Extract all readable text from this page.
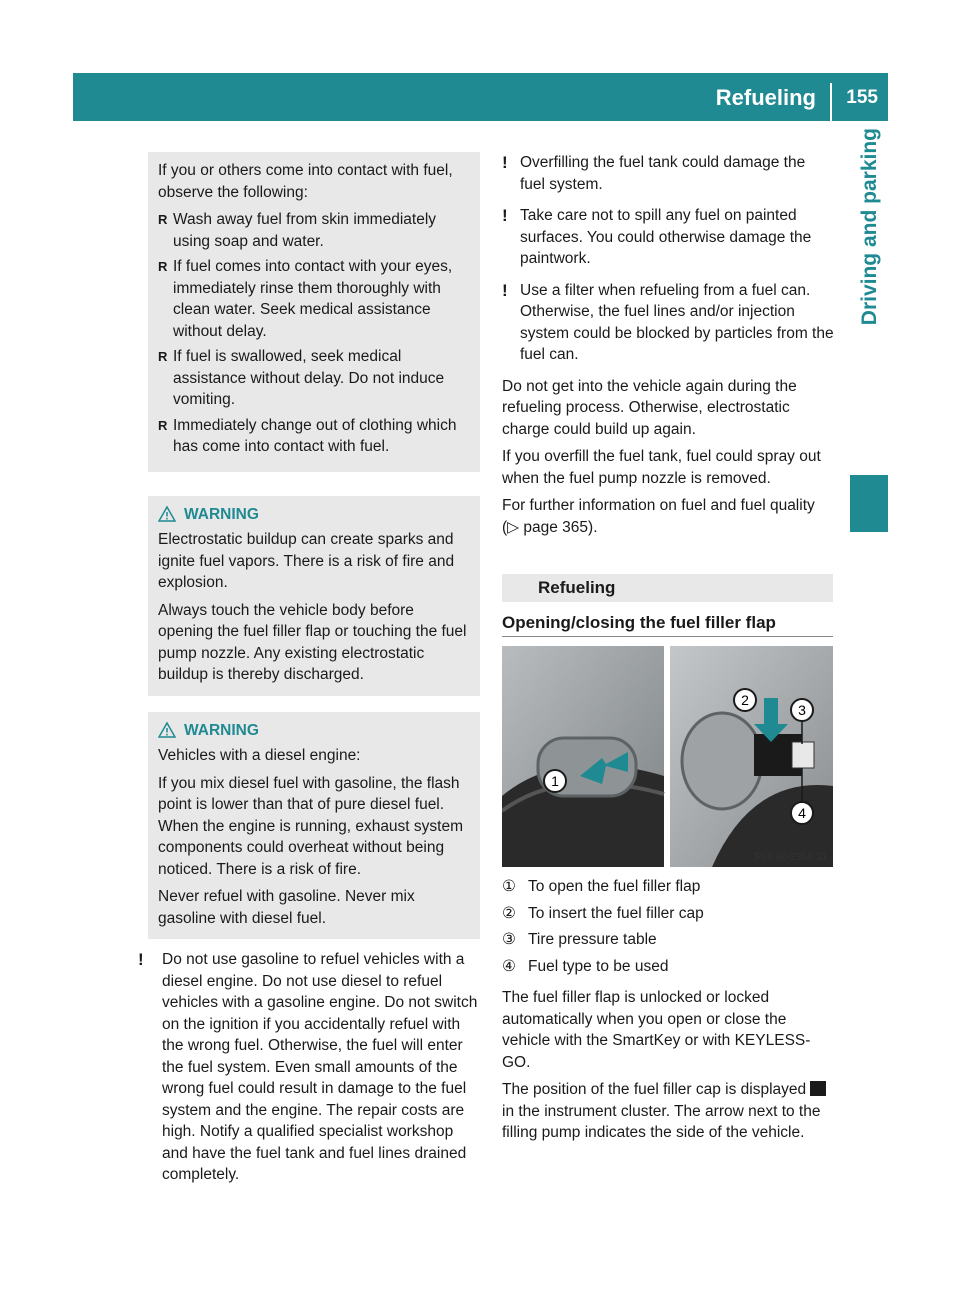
Refueling 155
Driving and parking

If you or others come into contact with fuel, observe the following:

R Wash away fuel from skin immediately using soap and water.
R If fuel comes into contact with your eyes, immediately rinse them thoroughly with clean water. Seek medical assistance without delay.
R If fuel is swallowed, seek medical assistance without delay. Do not induce vomiting.
R Immediately change out of clothing which has come into contact with fuel.
WARNING

Electrostatic buildup can create sparks and ignite fuel vapors. There is a risk of fire and explosion.

Always touch the vehicle body before opening the fuel filler flap or touching the fuel pump nozzle. Any existing electrostatic buildup is thereby discharged.

WARNING

Vehicles with a diesel engine:

If you mix diesel fuel with gasoline, the flash point is lower than that of pure diesel fuel. When the engine is running, exhaust system components could overheat without being noticed. There is a risk of fire.

Never refuel with gasoline. Never mix gasoline with diesel fuel.

! Do not use gasoline to refuel vehicles with a diesel engine. Do not use diesel to refuel vehicles with a gasoline engine. Do not switch on the ignition if you accidentally refuel with the wrong fuel. Otherwise, the fuel will enter the fuel system. Even small amounts of the wrong fuel could result in damage to the fuel system and the engine. The repair costs are high. Notify a qualified specialist workshop and have the fuel tank and fuel lines drained completely.
! Overfilling the fuel tank could damage the fuel system.
! Take care not to spill any fuel on painted surfaces. You could otherwise damage the paintwork.
! Use a filter when refueling from a fuel can. Otherwise, the fuel lines and/or injection system could be blocked by particles from the fuel can.

Do not get into the vehicle again during the refueling process. Otherwise, electrostatic charge could build up again.

If you overfill the fuel tank, fuel could spray out when the fuel pump nozzle is removed.

For further information on fuel and fuel quality (▷ page 365).

Refueling
Opening/closing the fuel filler flap
1
2
3
4
P68.60-2354-31
① To open the fuel filler flap
② To insert the fuel filler cap
③ Tire pressure table
④ Fuel type to be used

The fuel filler flap is unlocked or locked automatically when you open or close the vehicle with the SmartKey or with KEYLESS-GO.

The position of the fuel filler cap is displayed  in the instrument cluster. The arrow next to the filling pump indicates the side of the vehicle.
